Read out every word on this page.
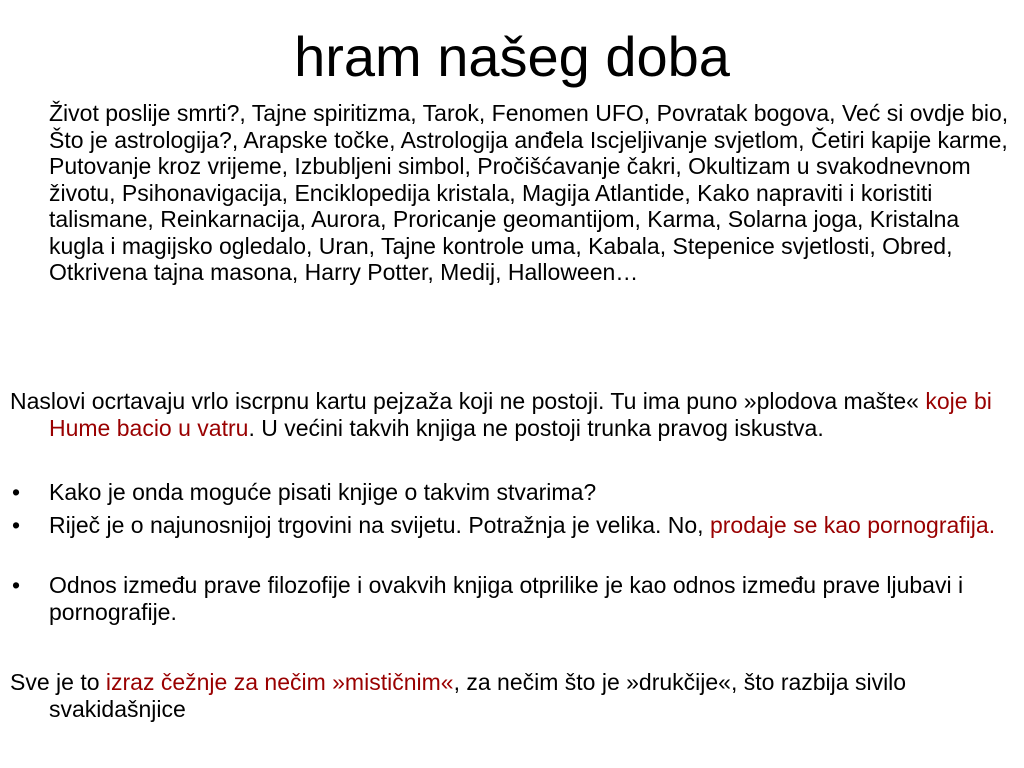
hram našeg doba
Život poslije smrti?, Tajne spiritizma, Tarok, Fenomen UFO, Povratak bogova, Već si ovdje bio, Što je astrologija?, Arapske točke, Astrologija anđela Iscjeljivanje svjetlom, Četiri kapije karme, Putovanje kroz vrijeme, Izbubljeni simbol, Pročišćavanje čakri, Okultizam u svakodnevnom životu, Psihonavigacija, Enciklopedija kristala, Magija Atlantide, Kako napraviti i koristiti talismane, Reinkarnacija, Aurora, Proricanje geomantijom, Karma, Solarna joga, Kristalna kugla i magijsko ogledalo, Uran, Tajne kontrole uma, Kabala, Stepenice svjetlosti, Obred, Otkrivena tajna masona, Harry Potter, Medij, Halloween…

Naslovi ocrtavaju vrlo iscrpnu kartu pejzaža koji ne postoji. Tu ima puno »plodova mašte« koje bi Hume bacio u vatru. U većini takvih knjiga ne postoji trunka pravog iskustva.

• Kako je onda moguće pisati knjige o takvim stvarima?

• Riječ je o najunosnijoj trgovini na svijetu. Potražnja je velika. No, prodaje se kao pornografija.

• Odnos između prave filozofije i ovakvih knjiga otprilike je kao odnos između prave ljubavi i pornografije.

Sve je to izraz čežnje za nečim »mističnim«, za nečim što je »drukčije«, što razbija sivilo svakidašnjice
